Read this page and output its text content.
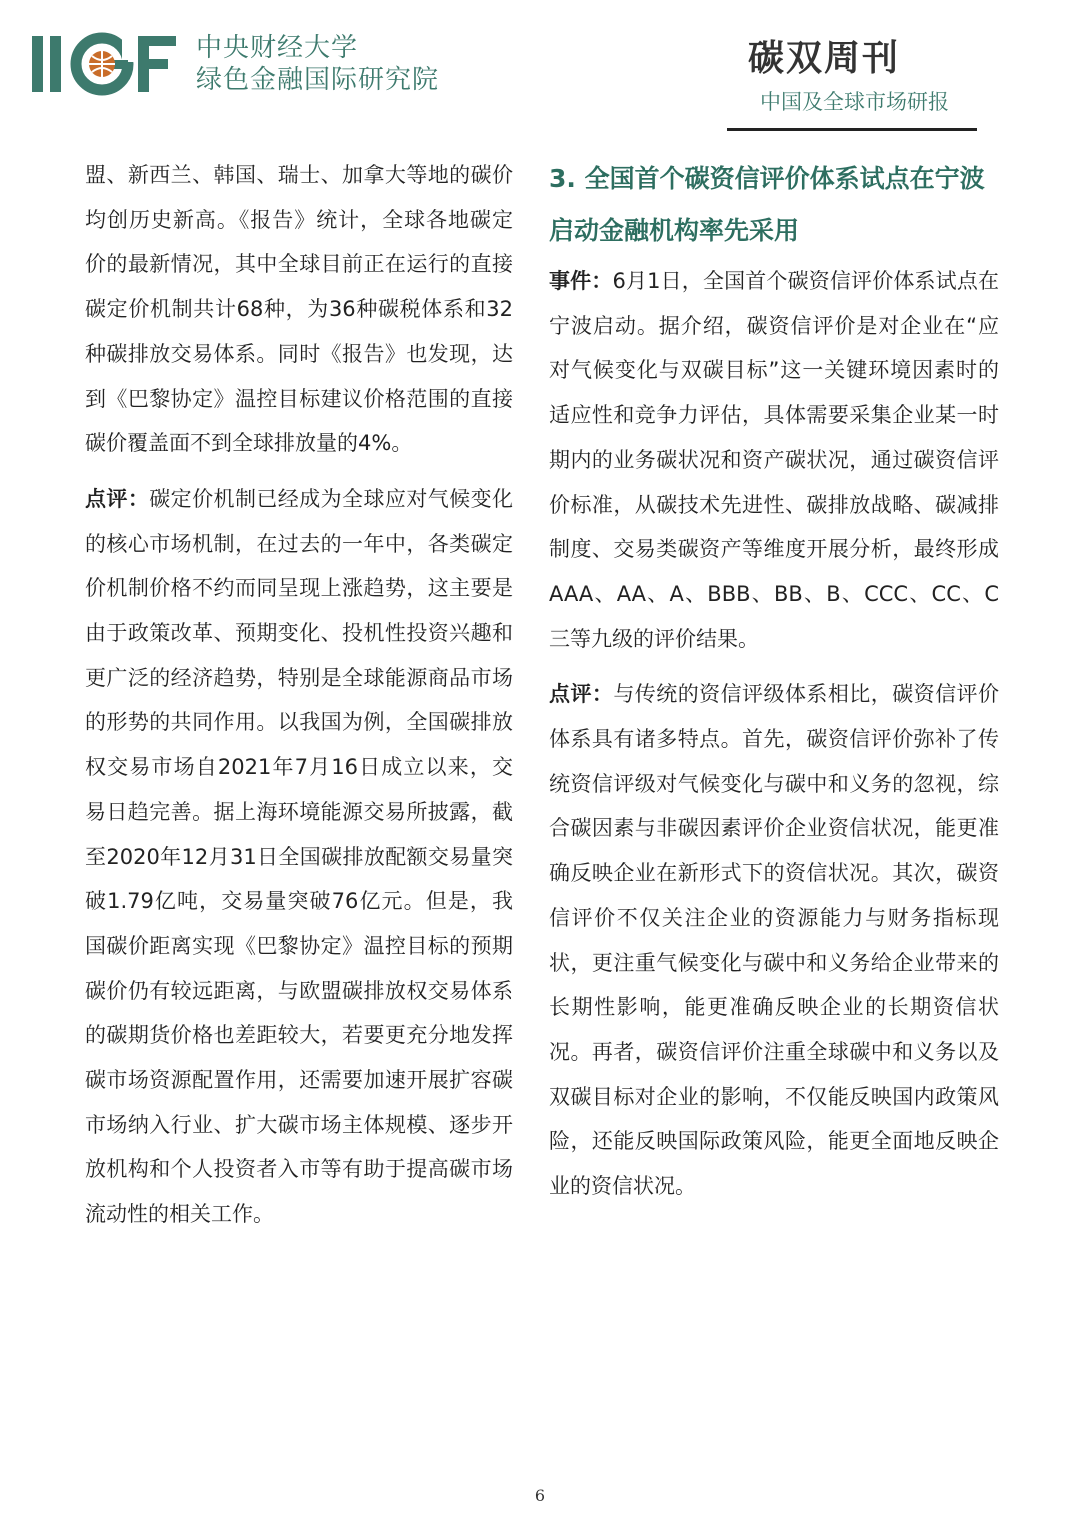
中央财经大学
绿色金融国际研究院
碳双周刊
中国及全球市场研报

盟、新西兰、韩国、瑞士、加拿大等地的碳价均创历史新高。《报告》统计，全球各地碳定价的最新情况，其中全球目前正在运行的直接碳定价机制共计68种，为36种碳税体系和32种碳排放交易体系。同时《报告》也发现，达到《巴黎协定》温控目标建议价格范围的直接碳价覆盖面不到全球排放量的4%。

点评：碳定价机制已经成为全球应对气候变化的核心市场机制，在过去的一年中，各类碳定价机制价格不约而同呈现上涨趋势，这主要是由于政策改革、预期变化、投机性投资兴趣和更广泛的经济趋势，特别是全球能源商品市场的形势的共同作用。以我国为例，全国碳排放权交易市场自2021年7月16日成立以来，交易日趋完善。据上海环境能源交易所披露，截至2020年12月31日全国碳排放配额交易量突破1.79亿吨，交易量突破76亿元。但是，我国碳价距离实现《巴黎协定》温控目标的预期碳价仍有较远距离，与欧盟碳排放权交易体系的碳期货价格也差距较大，若要更充分地发挥碳市场资源配置作用，还需要加速开展扩容碳市场纳入行业、扩大碳市场主体规模、逐步开放机构和个人投资者入市等有助于提高碳市场流动性的相关工作。

3. 全国首个碳资信评价体系试点在宁波启动金融机构率先采用

事件：6月1日，全国首个碳资信评价体系试点在宁波启动。据介绍，碳资信评价是对企业在“应对气候变化与双碳目标”这一关键环境因素时的适应性和竞争力评估，具体需要采集企业某一时期内的业务碳状况和资产碳状况，通过碳资信评价标准，从碳技术先进性、碳排放战略、碳减排制度、交易类碳资产等维度开展分析，最终形成AAA、AA、A、BBB、BB、B、CCC、CC、C三等九级的评价结果。

点评：与传统的资信评级体系相比，碳资信评价体系具有诸多特点。首先，碳资信评价弥补了传统资信评级对气候变化与碳中和义务的忽视，综合碳因素与非碳因素评价企业资信状况，能更准确反映企业在新形式下的资信状况。其次，碳资信评价不仅关注企业的资源能力与财务指标现状，更注重气候变化与碳中和义务给企业带来的长期性影响，能更准确反映企业的长期资信状况。再者，碳资信评价注重全球碳中和义务以及双碳目标对企业的影响，不仅能反映国内政策风险，还能反映国际政策风险，能更全面地反映企业的资信状况。

6
